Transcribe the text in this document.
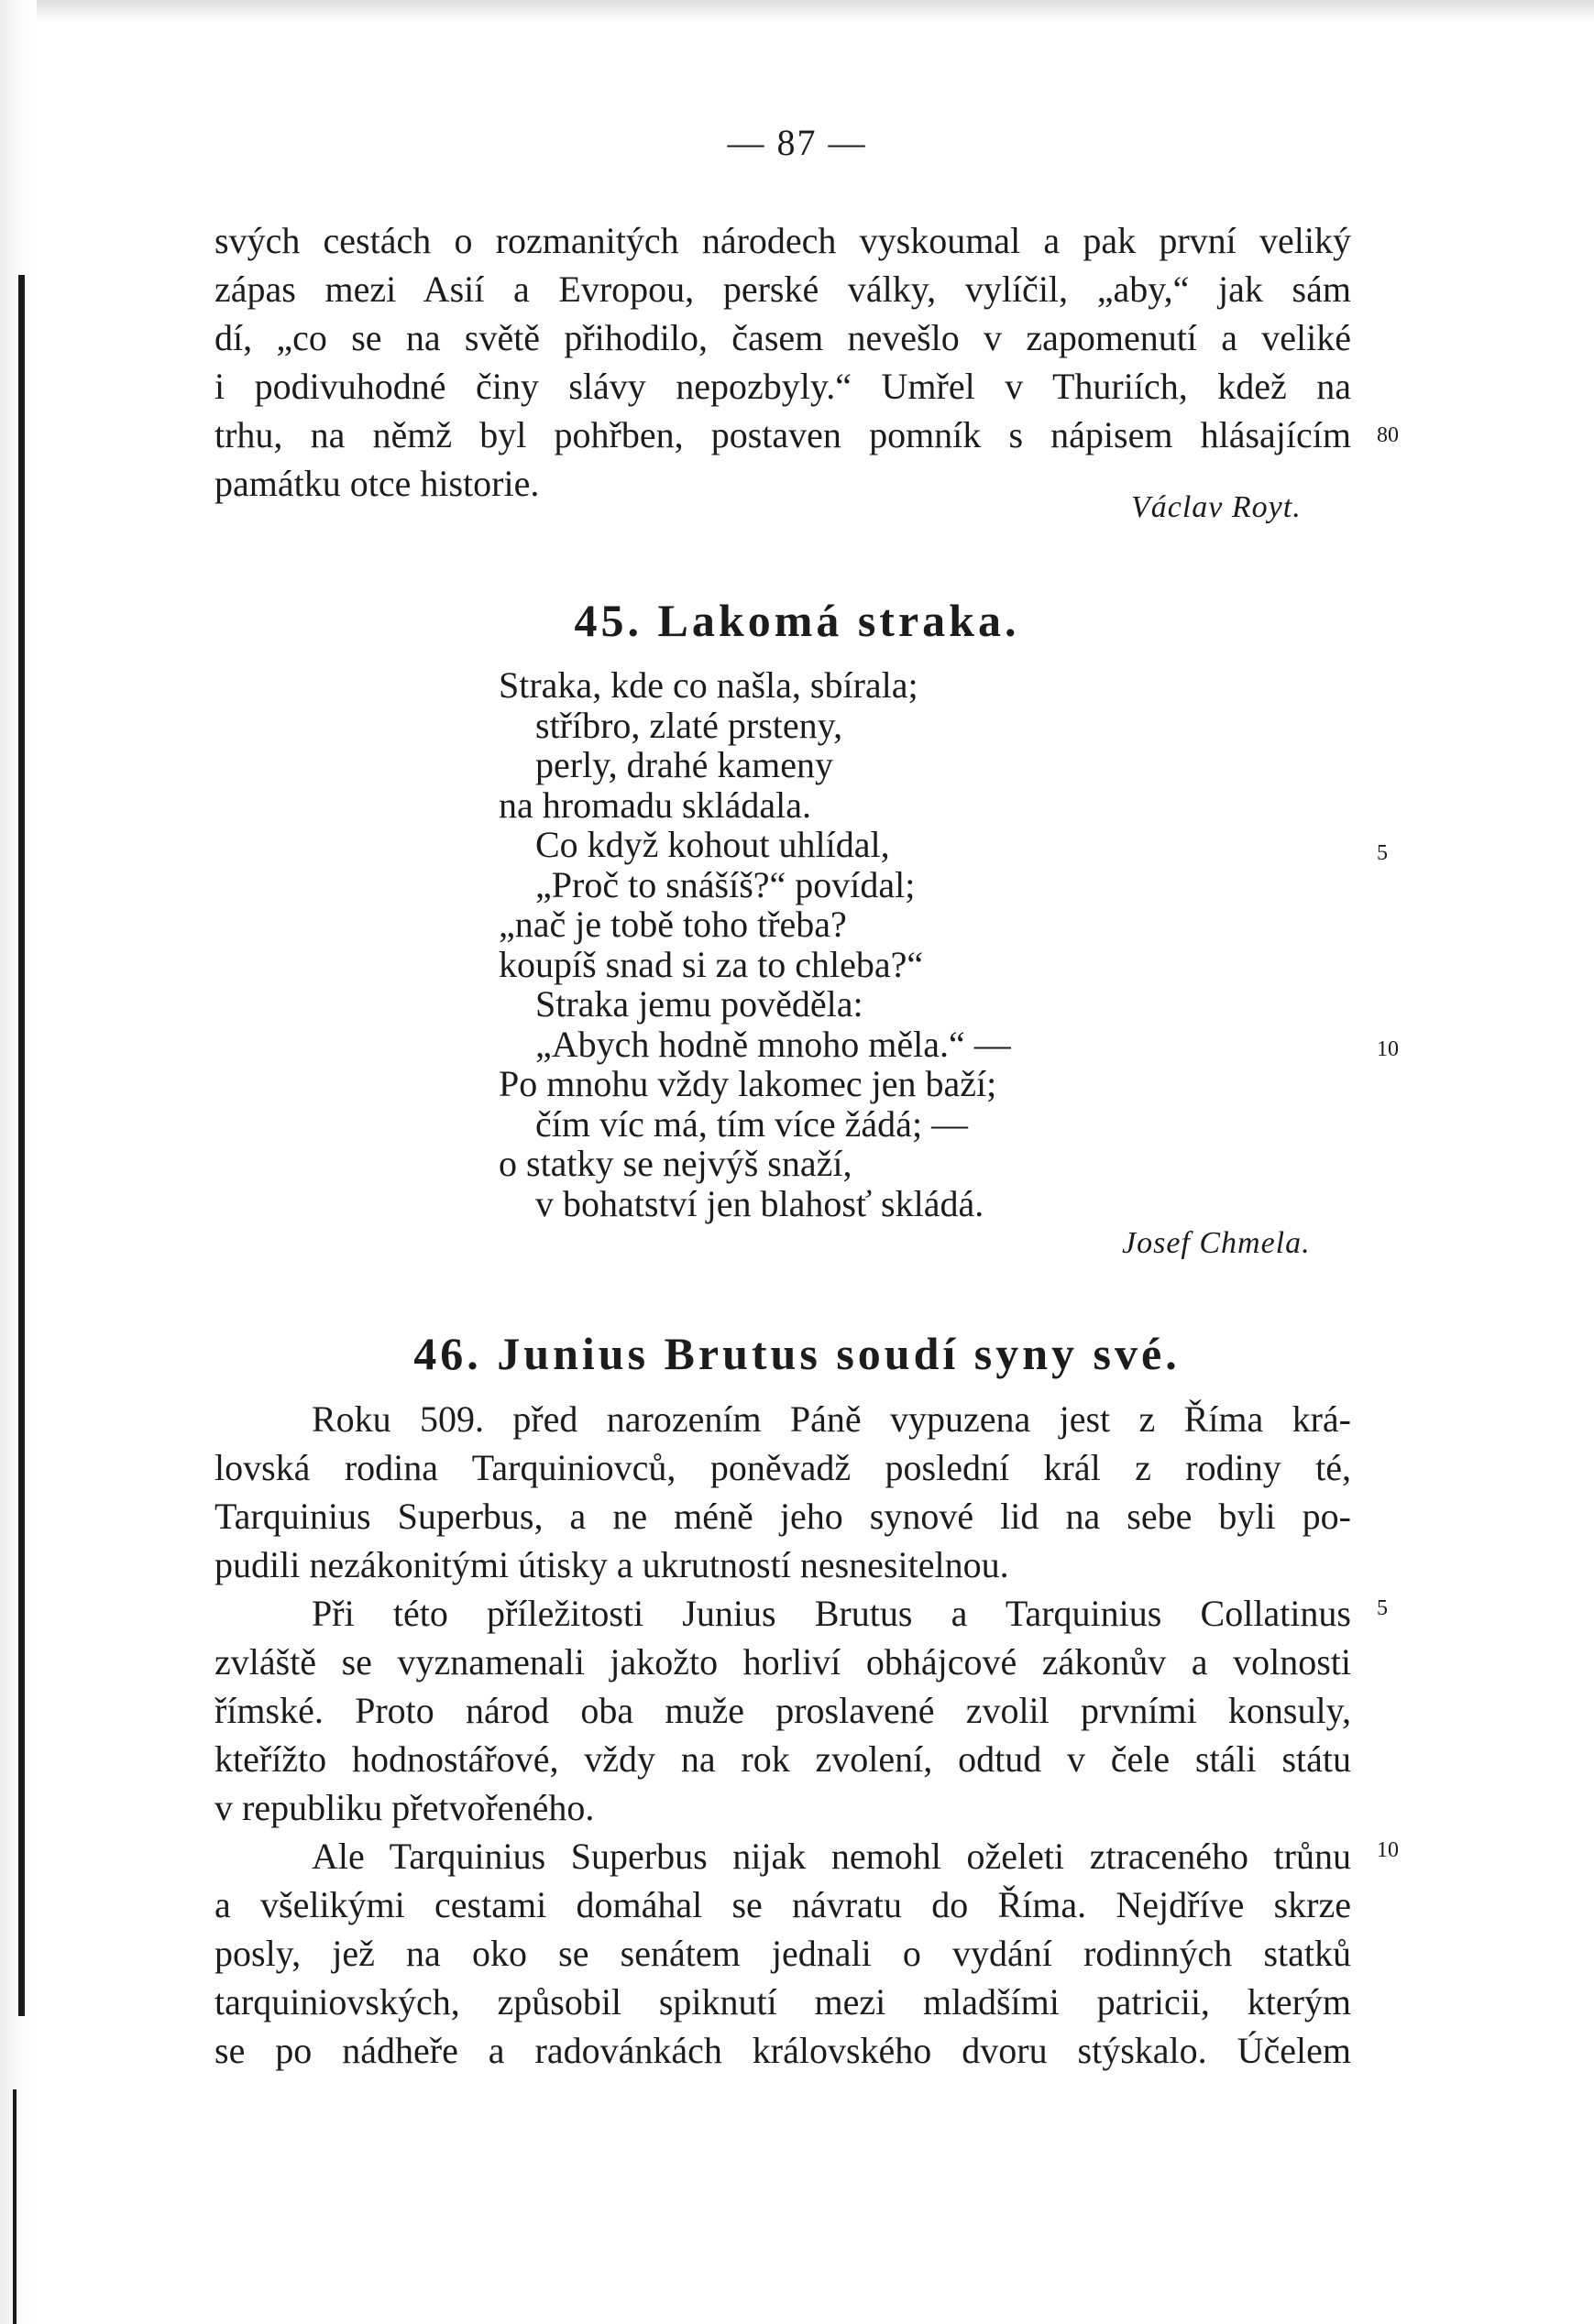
— 87 —
svých cestách o rozmanitých národech vyskoumal a pak první veliký
zápas mezi Asií a Evropou, perské války, vylíčil, „aby,“ jak sám
dí, „co se na světě přihodilo, časem nevešlo v zapomenutí a veliké
i podivuhodné činy slávy nepozbyly.“ Umřel v Thuriích, kdež na
trhu, na němž byl pohřben, postaven pomník s nápisem hlásajícím
památku otce historie.
80
Václav Royt.
45. Lakomá straka.
Straka, kde co našla, sbírala;
stříbro, zlaté prsteny,
perly, drahé kameny
na hromadu skládala.
Co když kohout uhlídal,
„Proč to snášíš?“ povídal;
„nač je tobě toho třeba?
koupíš snad si za to chleba?“
Straka jemu pověděla:
„Abych hodně mnoho měla.“ —
Po mnohu vždy lakomec jen baží;
čím víc má, tím více žádá; —
o statky se nejvýš snaží,
v bohatství jen blahosť skládá.
5
10
Josef Chmela.
46. Junius Brutus soudí syny své.
Roku 509. před narozením Páně vypuzena jest z Říma krá-
lovská rodina Tarquiniovců, poněvadž poslední král z rodiny té,
Tarquinius Superbus, a ne méně jeho synové lid na sebe byli po-
pudili nezákonitými útisky a ukrutností nesnesitelnou.
Při této příležitosti Junius Brutus a Tarquinius Collatinus
zvláště se vyznamenali jakožto horliví obhájcové zákonův a volnosti
římské. Proto národ oba muže proslavené zvolil prvními konsuly,
kteřížto hodnostářové, vždy na rok zvolení, odtud v čele stáli státu
v republiku přetvořeného.
Ale Tarquinius Superbus nijak nemohl oželeti ztraceného trůnu
a všelikými cestami domáhal se návratu do Říma. Nejdříve skrze
posly, jež na oko se senátem jednali o vydání rodinných statků
tarquiniovských, způsobil spiknutí mezi mladšími patricii, kterým
se po nádheře a radovánkách královského dvoru stýskalo. Účelem
5
10
